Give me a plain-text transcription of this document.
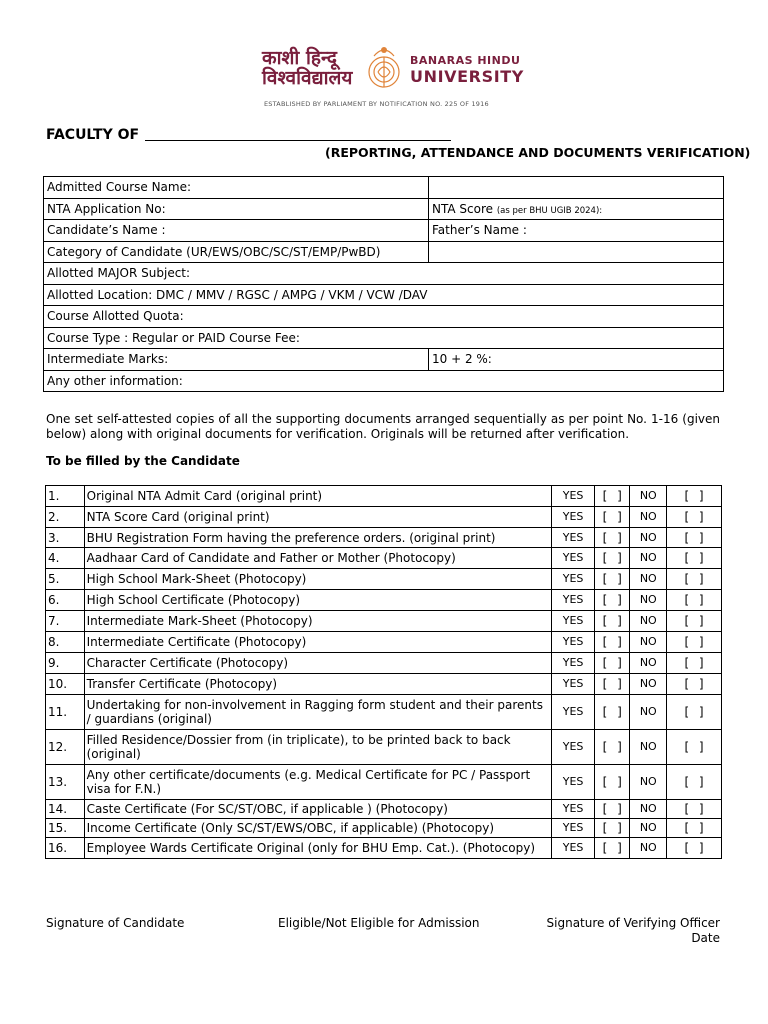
काशी हिन्दू
विश्वविद्यालय
BANARAS HINDU
UNIVERSITY
ESTABLISHED BY PARLIAMENT BY NOTIFICATION NO. 225 OF 1916
FACULTY OF
(REPORTING, ATTENDANCE AND DOCUMENTS VERIFICATION)
Admitted Course Name:	
NTA Application No:	NTA Score (as per BHU UGIB 2024):
Candidate’s Name :	Father’s Name :
Category of Candidate (UR/EWS/OBC/SC/ST/EMP/PwBD)	
Allotted MAJOR Subject:	
Allotted Location: DMC / MMV / RGSC / AMPG / VKM / VCW /DAV	
Course Allotted Quota:	
Course Type : Regular or PAID Course Fee:	
Intermediate Marks:	10 + 2 %:
Any other information:	
One set self-attested copies of all the supporting documents arranged sequentially as per point No. 1-16 (given below) along with original documents for verification. Originals will be returned after verification.
To be filled by the Candidate
1.	Original NTA Admit Card (original print)	YES	[ ]	NO	[ ]
2.	NTA Score Card (original print)	YES	[ ]	NO	[ ]
3.	BHU Registration Form having the preference orders. (original print)	YES	[ ]	NO	[ ]
4.	Aadhaar Card of Candidate and Father or Mother (Photocopy)	YES	[ ]	NO	[ ]
5.	High School Mark-Sheet (Photocopy)	YES	[ ]	NO	[ ]
6.	High School Certificate (Photocopy)	YES	[ ]	NO	[ ]
7.	Intermediate Mark-Sheet (Photocopy)	YES	[ ]	NO	[ ]
8.	Intermediate Certificate (Photocopy)	YES	[ ]	NO	[ ]
9.	Character Certificate (Photocopy)	YES	[ ]	NO	[ ]
10.	Transfer Certificate (Photocopy)	YES	[ ]	NO	[ ]
11.	Undertaking for non-involvement in Ragging form student and their parents / guardians (original)	YES	[ ]	NO	[ ]
12.	Filled Residence/Dossier from (in triplicate), to be printed back to back (original)	YES	[ ]	NO	[ ]
13.	Any other certificate/documents (e.g. Medical Certificate for PC / Passport visa for F.N.)	YES	[ ]	NO	[ ]
14.	Caste Certificate (For SC/ST/OBC, if applicable ) (Photocopy)	YES	[ ]	NO	[ ]
15.	Income Certificate (Only SC/ST/EWS/OBC, if applicable) (Photocopy)	YES	[ ]	NO	[ ]
16.	Employee Wards Certificate Original (only for BHU Emp. Cat.). (Photocopy)	YES	[ ]	NO	[ ]
Signature of Candidate	Eligible/Not Eligible for Admission	Signature of Verifying Officer
Date
